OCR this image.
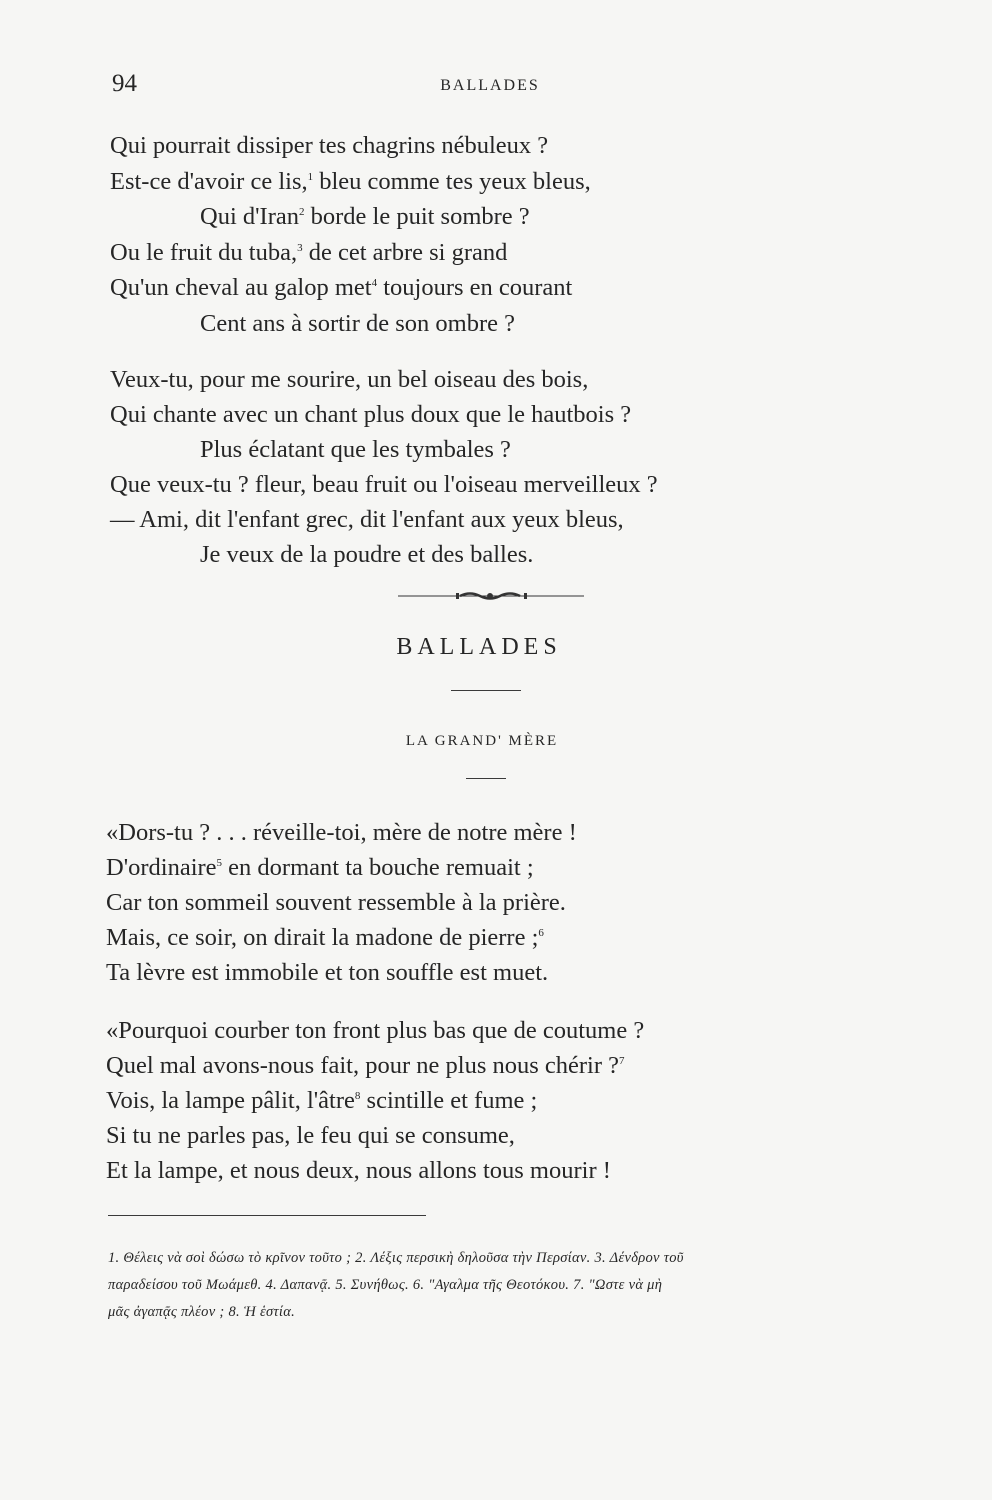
94	BALLADES
Qui pourrait dissiper tes chagrins nébuleux ?
Est-ce d'avoir ce lis,$^1$ bleu comme tes yeux bleus,
Qui d'Iran$^2$ borde le puit sombre ?
Ou le fruit du tuba,$^3$ de cet arbre si grand
Qu'un cheval au galop met$^4$ toujours en courant
Cent ans à sortir de son ombre ?
Veux-tu, pour me sourire, un bel oiseau des bois,
Qui chante avec un chant plus doux que le hautbois ?
Plus éclatant que les tymbales ?
Que veux-tu ? fleur, beau fruit ou l'oiseau merveilleux ?
— Ami, dit l'enfant grec, dit l'enfant aux yeux bleus,
Je veux de la poudre et des balles.
BALLADES
LA GRAND' MÈRE
«Dors-tu ? . . . réveille-toi, mère de notre mère !
D'ordinaire$^5$ en dormant ta bouche remuait ;
Car ton sommeil souvent ressemble à la prière.
Mais, ce soir, on dirait la madone de pierre ;$^6$
Ta lèvre est immobile et ton souffle est muet.
«Pourquoi courber ton front plus bas que de coutume ?
Quel mal avons-nous fait, pour ne plus nous chérir ?$^7$
Vois, la lampe pâlit, l'âtre$^8$ scintille et fume ;
Si tu ne parles pas, le feu qui se consume,
Et la lampe, et nous deux, nous allons tous mourir !
1. Θέλεις νὰ σοὶ δώσω τὸ κρῖνον τοῦτο ; 2. Λέξις περσικὴ δηλοῦσα τὴν Περσίαν. 3. Δένδρον τοῦ
παραδείσου τοῦ Μωάμεθ. 4. Δαπανᾷ. 5. Συνήθως. 6. "Αγαλμα τῆς Θεοτόκου. 7. "Ωστε νὰ μὴ
μᾶς ἀγαπᾷς πλέον ; 8. Ἡ ἑστία.
